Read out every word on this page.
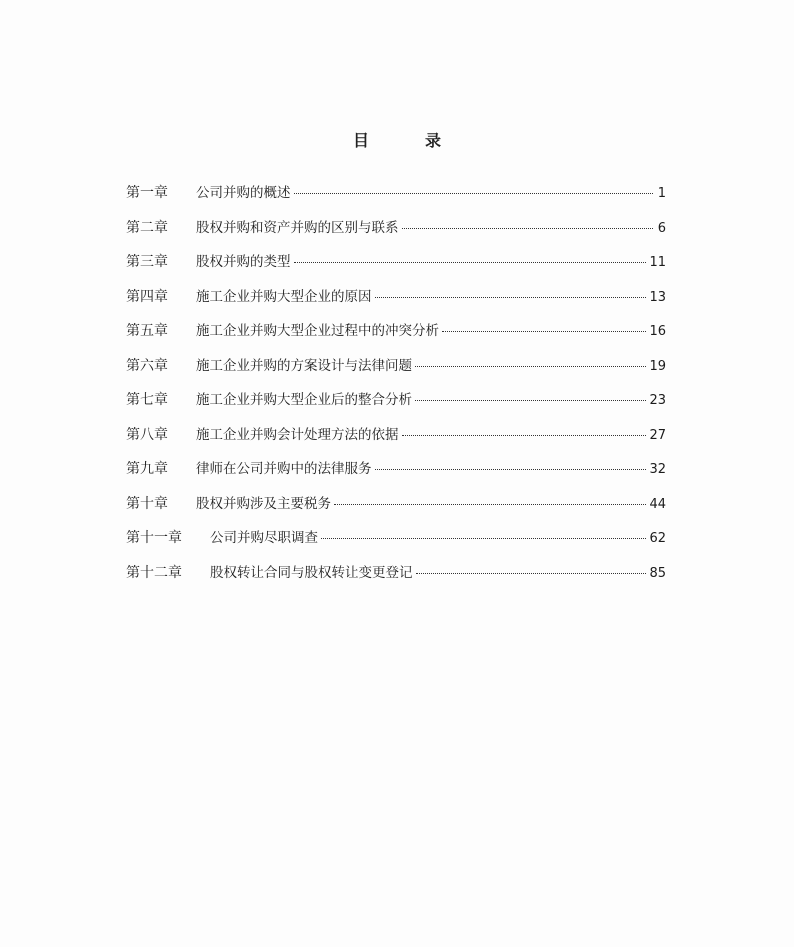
目　录
第一章	公司并购的概述	1
第二章	股权并购和资产并购的区别与联系	6
第三章	股权并购的类型	11
第四章	施工企业并购大型企业的原因	13
第五章	施工企业并购大型企业过程中的冲突分析	16
第六章	施工企业并购的方案设计与法律问题	19
第七章	施工企业并购大型企业后的整合分析	23
第八章	施工企业并购会计处理方法的依据	27
第九章	律师在公司并购中的法律服务	32
第十章	股权并购涉及主要税务	44
第十一章	公司并购尽职调查	62
第十二章	股权转让合同与股权转让变更登记	85
